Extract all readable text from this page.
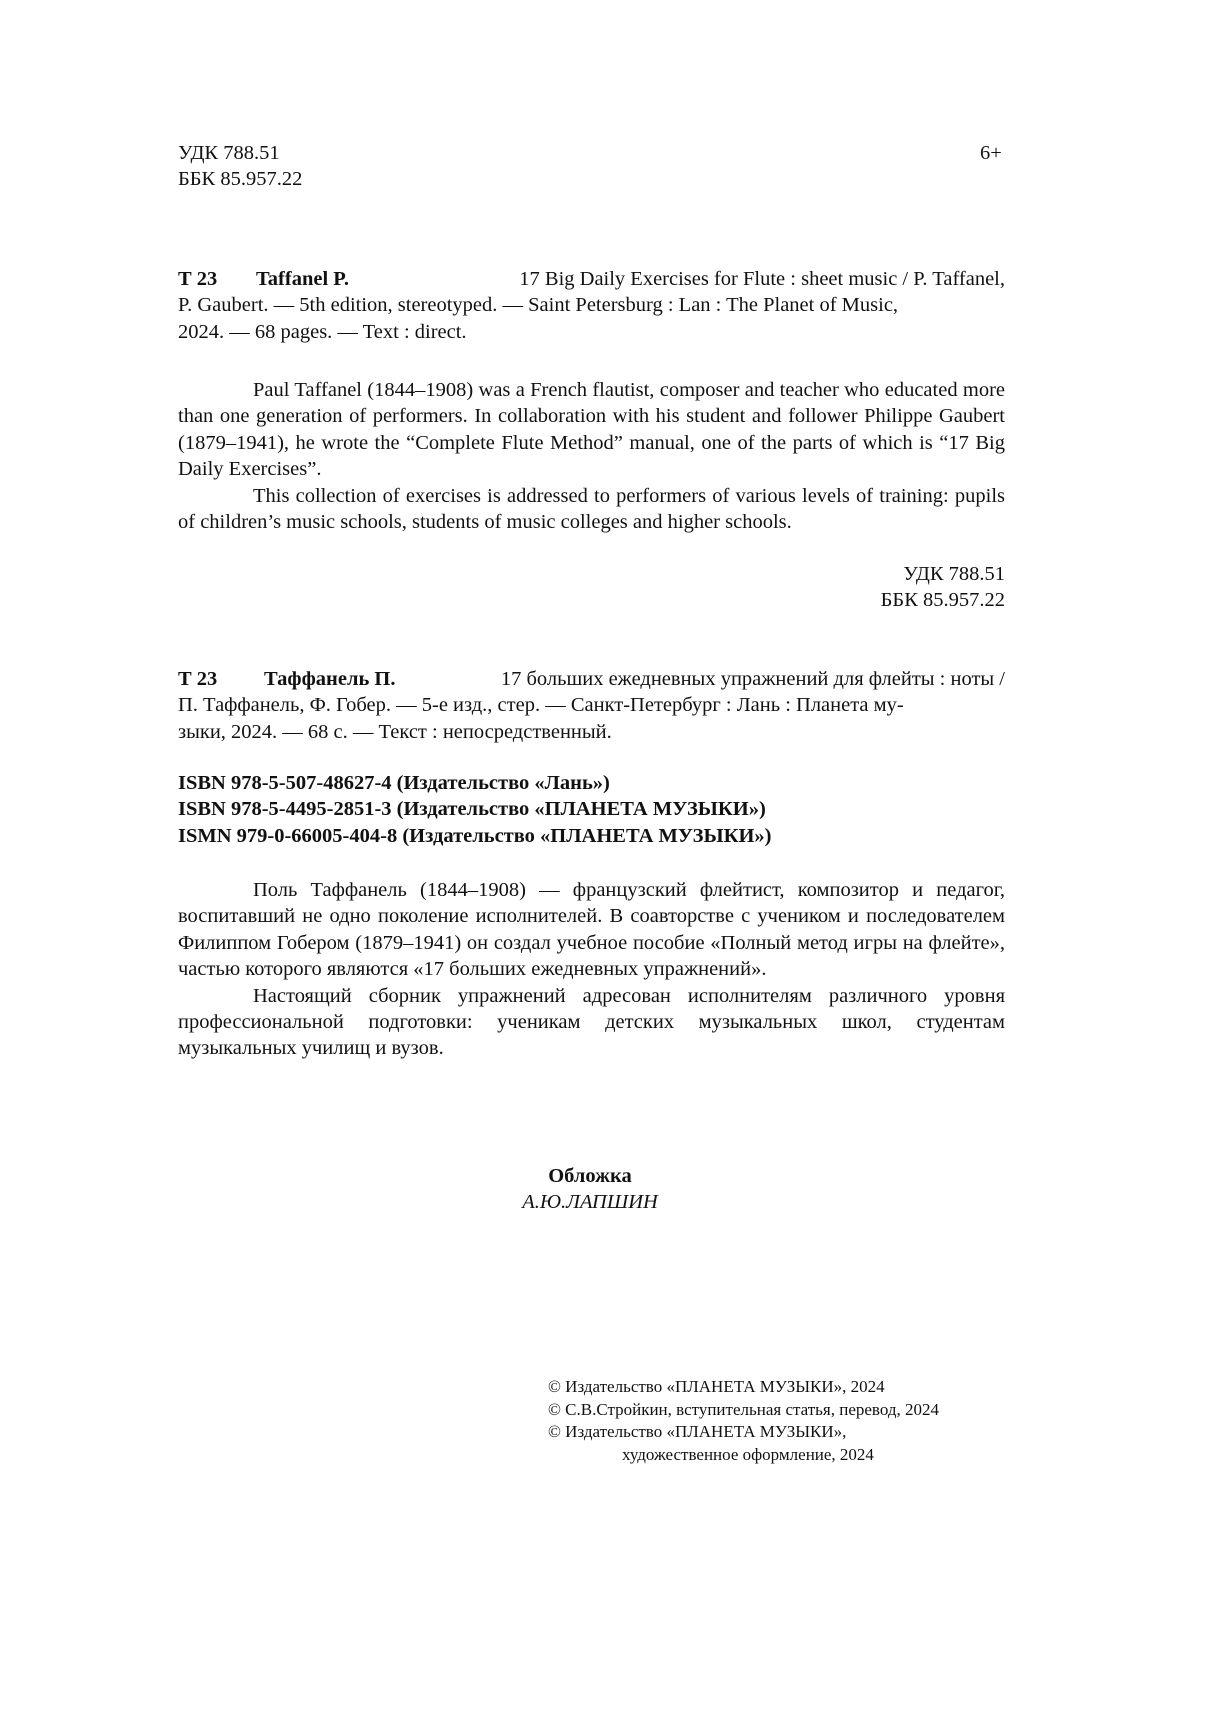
УДК 788.51
ББК 85.957.22
6+
Т 23	Taffanel P.	17 Big Daily Exercises for Flute : sheet music / P. Taffanel,
P. Gaubert. — 5th edition, stereotyped. — Saint Petersburg : Lan : The Planet of Music,
2024. — 68 pages. — Text : direct.

Paul Taffanel (1844–1908) was a French flautist, composer and teacher who educated more than one generation of performers. In collaboration with his student and follower Philippe Gaubert (1879–1941), he wrote the “Complete Flute Method” manual, one of the parts of which is “17 Big Daily Exercises”.

This collection of exercises is addressed to performers of various levels of training: pupils of children’s music schools, students of music colleges and higher schools.

УДК 788.51
ББК 85.957.22
Т 23	Таффанель П.	17 больших ежедневных упражнений для флейты : ноты /
П. Таффанель, Ф. Гобер. — 5-е изд., стер. — Санкт-Петербург : Лань : Планета му-
зыки, 2024. — 68 с. — Текст : непосредственный.
ISBN 978-5-507-48627-4 (Издательство «Лань»)
ISBN 978-5-4495-2851-3 (Издательство «ПЛАНЕТА МУЗЫКИ»)
ISMN 979-0-66005-404-8 (Издательство «ПЛАНЕТА МУЗЫКИ»)

Поль Таффанель (1844–1908) — французский флейтист, композитор и педагог, воспитавший не одно поколение исполнителей. В соавторстве с учеником и последователем Филиппом Гобером (1879–1941) он создал учебное пособие «Полный метод игры на флейте», частью которого являются «17 больших ежедневных упражнений».

Настоящий сборник упражнений адресован исполнителям различного уровня профессиональной подготовки: ученикам детских музыкальных школ, студентам музыкальных училищ и вузов.

Обложка
А.Ю.ЛАПШИН
© Издательство «ПЛАНЕТА МУЗЫКИ», 2024
© С.В.Стройкин, вступительная статья, перевод, 2024
© Издательство «ПЛАНЕТА МУЗЫКИ»,
художественное оформление, 2024
